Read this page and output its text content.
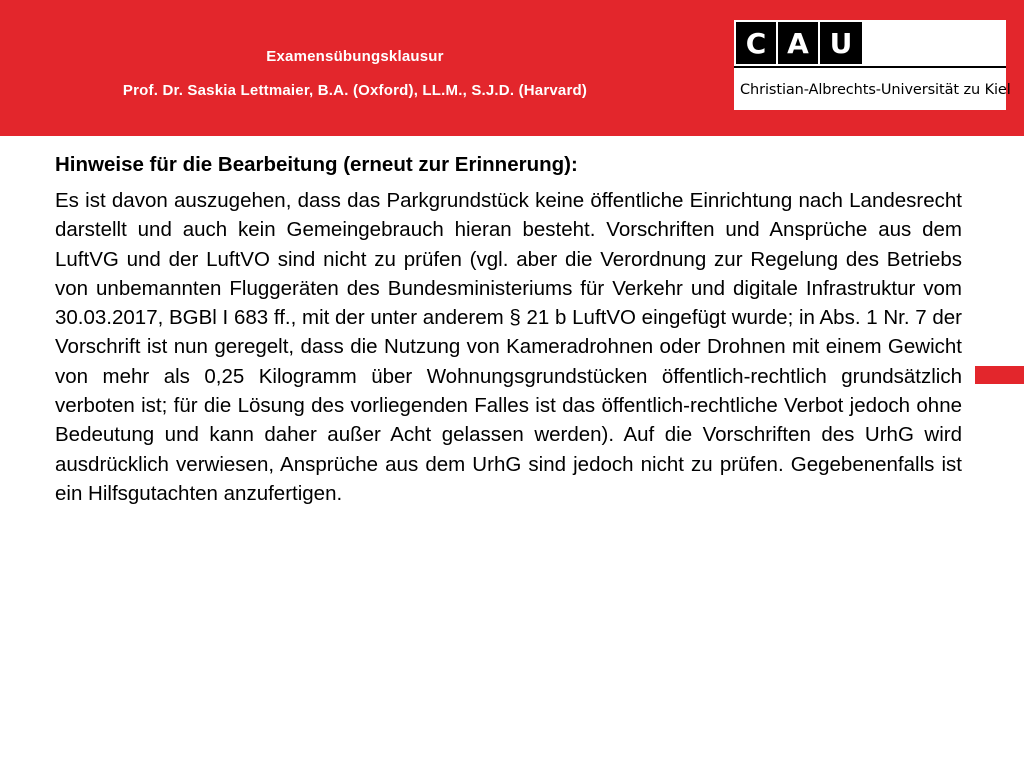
Examensübungsklausur
Prof. Dr. Saskia Lettmaier, B.A. (Oxford), LL.M., S.J.D. (Harvard)
C A U
Christian-Albrechts-Universität zu Kiel

Hinweise für die Bearbeitung (erneut zur Erinnerung):

Es ist davon auszugehen, dass das Parkgrundstück keine öffentliche Einrichtung nach Landesrecht darstellt und auch kein Gemeingebrauch hieran besteht. Vorschriften und Ansprüche aus dem LuftVG und der LuftVO sind nicht zu prüfen (vgl. aber die Verordnung zur Regelung des Betriebs von unbemannten Fluggeräten des Bundesministeriums für Verkehr und digitale Infrastruktur vom 30.03.2017, BGBl I 683 ff., mit der unter anderem § 21 b LuftVO eingefügt wurde; in Abs. 1 Nr. 7 der Vorschrift ist nun geregelt, dass die Nutzung von Kameradrohnen oder Drohnen mit einem Gewicht von mehr als 0,25 Kilogramm über Wohnungsgrundstücken öffentlich-rechtlich grundsätzlich verboten ist; für die Lösung des vorliegenden Falles ist das öffentlich-rechtliche Verbot jedoch ohne Bedeutung und kann daher außer Acht gelassen werden). Auf die Vorschriften des UrhG wird ausdrücklich verwiesen, Ansprüche aus dem UrhG sind jedoch nicht zu prüfen. Gegebenenfalls ist ein Hilfsgutachten anzufertigen.
